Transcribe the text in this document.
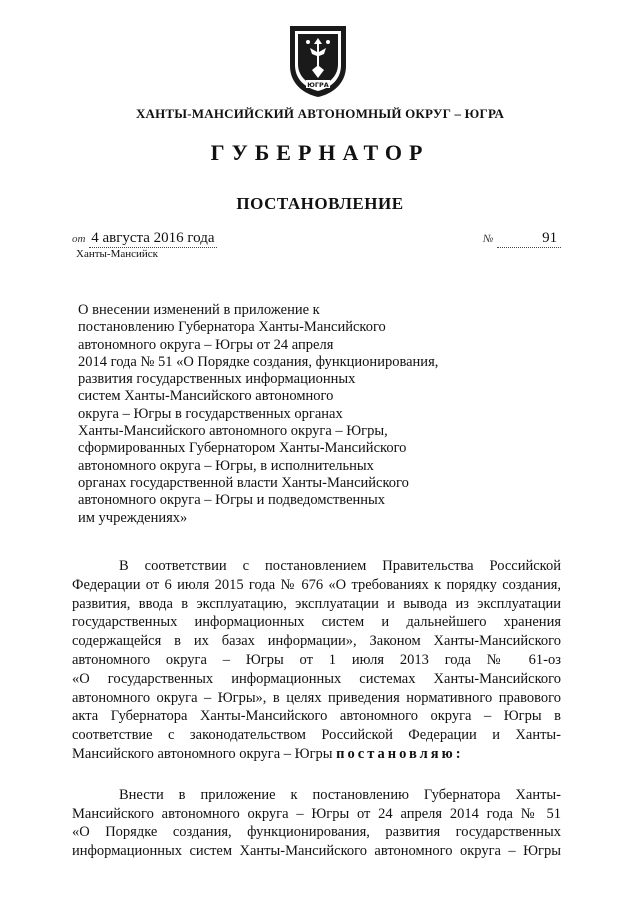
ЮГРА
ХАНТЫ-МАНСИЙСКИЙ АВТОНОМНЫЙ ОКРУГ – ЮГРА
ГУБЕРНАТОР
ПОСТАНОВЛЕНИЕ
от 4 августа 2016 года
Ханты-Мансийск
№	91
О внесении изменений в приложение к
постановлению Губернатора Ханты-Мансийского
автономного округа – Югры от 24 апреля
2014 года № 51 «О Порядке создания, функционирования,
развития государственных информационных
систем Ханты-Мансийского автономного
округа – Югры в государственных органах
Ханты-Мансийского автономного округа – Югры,
сформированных Губернатором Ханты-Мансийского
автономного округа – Югры, в исполнительных
органах государственной власти Ханты-Мансийского
автономного округа – Югры и подведомственных
им учреждениях»

В соответствии с постановлением Правительства Российской
Федерации от 6 июля 2015 года № 676 «О требованиях к порядку создания,
развития, ввода в эксплуатацию, эксплуатации и вывода из эксплуатации
государственных информационных систем и дальнейшего хранения
содержащейся в их базах информации», Законом Ханты-Мансийского
автономного округа – Югры от 1 июля 2013 года № 61-оз
«О государственных информационных системах Ханты-Мансийского
автономного округа – Югры», в целях приведения нормативного правового
акта Губернатора Ханты-Мансийского автономного округа – Югры в
соответствие с законодательством Российской Федерации и Ханты-
Мансийского автономного округа – Югры постановляю:

Внести в приложение к постановлению Губернатора Ханты-
Мансийского автономного округа – Югры от 24 апреля 2014 года № 51
«О Порядке создания, функционирования, развития государственных
информационных систем Ханты-Мансийского автономного округа – Югры
